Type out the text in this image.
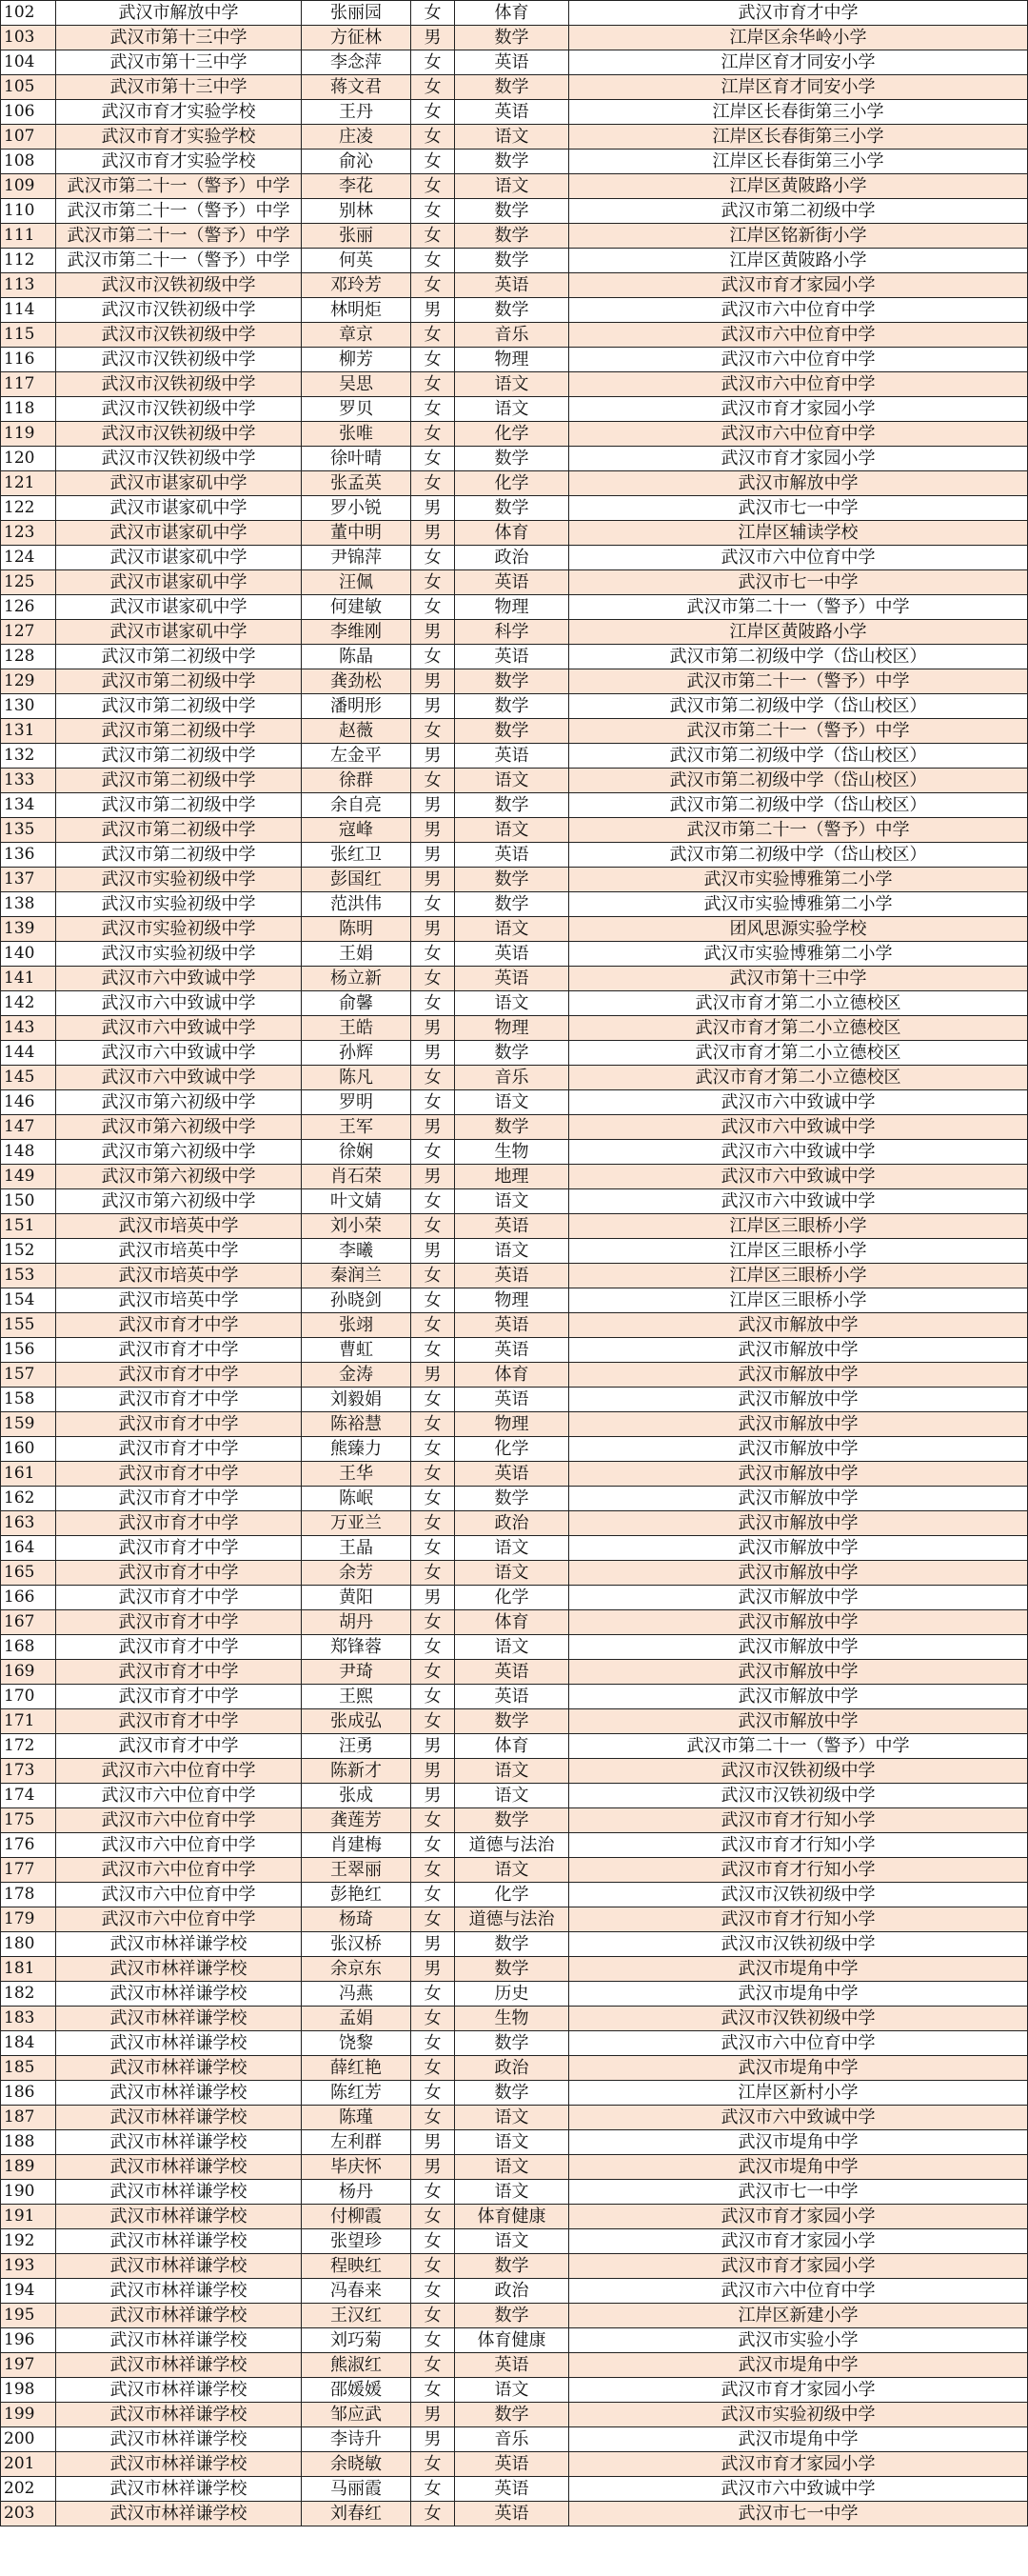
102	武汉市解放中学	张丽园	女	体育	武汉市育才中学
103	武汉市第十三中学	方征林	男	数学	江岸区余华岭小学
104	武汉市第十三中学	李念萍	女	英语	江岸区育才同安小学
105	武汉市第十三中学	蒋文君	女	数学	江岸区育才同安小学
106	武汉市育才实验学校	王丹	女	英语	江岸区长春街第三小学
107	武汉市育才实验学校	庄凌	女	语文	江岸区长春街第三小学
108	武汉市育才实验学校	俞沁	女	数学	江岸区长春街第三小学
109	武汉市第二十一（警予）中学	李花	女	语文	江岸区黄陂路小学
110	武汉市第二十一（警予）中学	别林	女	数学	武汉市第二初级中学
111	武汉市第二十一（警予）中学	张丽	女	数学	江岸区铭新街小学
112	武汉市第二十一（警予）中学	何英	女	数学	江岸区黄陂路小学
113	武汉市汉铁初级中学	邓玲芳	女	英语	武汉市育才家园小学
114	武汉市汉铁初级中学	林明炬	男	数学	武汉市六中位育中学
115	武汉市汉铁初级中学	章京	女	音乐	武汉市六中位育中学
116	武汉市汉铁初级中学	柳芳	女	物理	武汉市六中位育中学
117	武汉市汉铁初级中学	吴思	女	语文	武汉市六中位育中学
118	武汉市汉铁初级中学	罗贝	女	语文	武汉市育才家园小学
119	武汉市汉铁初级中学	张唯	女	化学	武汉市六中位育中学
120	武汉市汉铁初级中学	徐叶晴	女	数学	武汉市育才家园小学
121	武汉市谌家矶中学	张孟英	女	化学	武汉市解放中学
122	武汉市谌家矶中学	罗小锐	男	数学	武汉市七一中学
123	武汉市谌家矶中学	董中明	男	体育	江岸区辅读学校
124	武汉市谌家矶中学	尹锦萍	女	政治	武汉市六中位育中学
125	武汉市谌家矶中学	汪佩	女	英语	武汉市七一中学
126	武汉市谌家矶中学	何建敏	女	物理	武汉市第二十一（警予）中学
127	武汉市谌家矶中学	李维刚	男	科学	江岸区黄陂路小学
128	武汉市第二初级中学	陈晶	女	英语	武汉市第二初级中学（岱山校区）
129	武汉市第二初级中学	龚劲松	男	数学	武汉市第二十一（警予）中学
130	武汉市第二初级中学	潘明形	男	数学	武汉市第二初级中学（岱山校区）
131	武汉市第二初级中学	赵薇	女	数学	武汉市第二十一（警予）中学
132	武汉市第二初级中学	左金平	男	英语	武汉市第二初级中学（岱山校区）
133	武汉市第二初级中学	徐群	女	语文	武汉市第二初级中学（岱山校区）
134	武汉市第二初级中学	余自亮	男	数学	武汉市第二初级中学（岱山校区）
135	武汉市第二初级中学	寇峰	男	语文	武汉市第二十一（警予）中学
136	武汉市第二初级中学	张红卫	男	英语	武汉市第二初级中学（岱山校区）
137	武汉市实验初级中学	彭国红	男	数学	武汉市实验博雅第二小学
138	武汉市实验初级中学	范洪伟	女	数学	武汉市实验博雅第二小学
139	武汉市实验初级中学	陈明	男	语文	团风思源实验学校
140	武汉市实验初级中学	王娟	女	英语	武汉市实验博雅第二小学
141	武汉市六中致诚中学	杨立新	女	英语	武汉市第十三中学
142	武汉市六中致诚中学	俞馨	女	语文	武汉市育才第二小立德校区
143	武汉市六中致诚中学	王皓	男	物理	武汉市育才第二小立德校区
144	武汉市六中致诚中学	孙辉	男	数学	武汉市育才第二小立德校区
145	武汉市六中致诚中学	陈凡	女	音乐	武汉市育才第二小立德校区
146	武汉市第六初级中学	罗明	女	语文	武汉市六中致诚中学
147	武汉市第六初级中学	王军	男	数学	武汉市六中致诚中学
148	武汉市第六初级中学	徐娴	女	生物	武汉市六中致诚中学
149	武汉市第六初级中学	肖石荣	男	地理	武汉市六中致诚中学
150	武汉市第六初级中学	叶文婧	女	语文	武汉市六中致诚中学
151	武汉市培英中学	刘小荣	女	英语	江岸区三眼桥小学
152	武汉市培英中学	李曦	男	语文	江岸区三眼桥小学
153	武汉市培英中学	秦润兰	女	英语	江岸区三眼桥小学
154	武汉市培英中学	孙晓剑	女	物理	江岸区三眼桥小学
155	武汉市育才中学	张翊	女	英语	武汉市解放中学
156	武汉市育才中学	曹虹	女	英语	武汉市解放中学
157	武汉市育才中学	金涛	男	体育	武汉市解放中学
158	武汉市育才中学	刘毅娟	女	英语	武汉市解放中学
159	武汉市育才中学	陈裕慧	女	物理	武汉市解放中学
160	武汉市育才中学	熊臻力	女	化学	武汉市解放中学
161	武汉市育才中学	王华	女	英语	武汉市解放中学
162	武汉市育才中学	陈岷	女	数学	武汉市解放中学
163	武汉市育才中学	万亚兰	女	政治	武汉市解放中学
164	武汉市育才中学	王晶	女	语文	武汉市解放中学
165	武汉市育才中学	余芳	女	语文	武汉市解放中学
166	武汉市育才中学	黄阳	男	化学	武汉市解放中学
167	武汉市育才中学	胡丹	女	体育	武汉市解放中学
168	武汉市育才中学	郑锋蓉	女	语文	武汉市解放中学
169	武汉市育才中学	尹琦	女	英语	武汉市解放中学
170	武汉市育才中学	王熙	女	英语	武汉市解放中学
171	武汉市育才中学	张成弘	女	数学	武汉市解放中学
172	武汉市育才中学	汪勇	男	体育	武汉市第二十一（警予）中学
173	武汉市六中位育中学	陈新才	男	语文	武汉市汉铁初级中学
174	武汉市六中位育中学	张成	男	语文	武汉市汉铁初级中学
175	武汉市六中位育中学	龚莲芳	女	数学	武汉市育才行知小学
176	武汉市六中位育中学	肖建梅	女	道德与法治	武汉市育才行知小学
177	武汉市六中位育中学	王翠丽	女	语文	武汉市育才行知小学
178	武汉市六中位育中学	彭艳红	女	化学	武汉市汉铁初级中学
179	武汉市六中位育中学	杨琦	女	道德与法治	武汉市育才行知小学
180	武汉市林祥谦学校	张汉桥	男	数学	武汉市汉铁初级中学
181	武汉市林祥谦学校	余京东	男	数学	武汉市堤角中学
182	武汉市林祥谦学校	冯燕	女	历史	武汉市堤角中学
183	武汉市林祥谦学校	孟娟	女	生物	武汉市汉铁初级中学
184	武汉市林祥谦学校	饶黎	女	数学	武汉市六中位育中学
185	武汉市林祥谦学校	薛红艳	女	政治	武汉市堤角中学
186	武汉市林祥谦学校	陈红芳	女	数学	江岸区新村小学
187	武汉市林祥谦学校	陈瑾	女	语文	武汉市六中致诚中学
188	武汉市林祥谦学校	左利群	男	语文	武汉市堤角中学
189	武汉市林祥谦学校	毕庆怀	男	语文	武汉市堤角中学
190	武汉市林祥谦学校	杨丹	女	语文	武汉市七一中学
191	武汉市林祥谦学校	付柳霞	女	体育健康	武汉市育才家园小学
192	武汉市林祥谦学校	张望珍	女	语文	武汉市育才家园小学
193	武汉市林祥谦学校	程映红	女	数学	武汉市育才家园小学
194	武汉市林祥谦学校	冯春来	女	政治	武汉市六中位育中学
195	武汉市林祥谦学校	王汉红	女	数学	江岸区新建小学
196	武汉市林祥谦学校	刘巧菊	女	体育健康	武汉市实验小学
197	武汉市林祥谦学校	熊淑红	女	英语	武汉市堤角中学
198	武汉市林祥谦学校	邵媛媛	女	语文	武汉市育才家园小学
199	武汉市林祥谦学校	邹应武	男	数学	武汉市实验初级中学
200	武汉市林祥谦学校	李诗升	男	音乐	武汉市堤角中学
201	武汉市林祥谦学校	余晓敏	女	英语	武汉市育才家园小学
202	武汉市林祥谦学校	马丽霞	女	英语	武汉市六中致诚中学
203	武汉市林祥谦学校	刘春红	女	英语	武汉市七一中学
